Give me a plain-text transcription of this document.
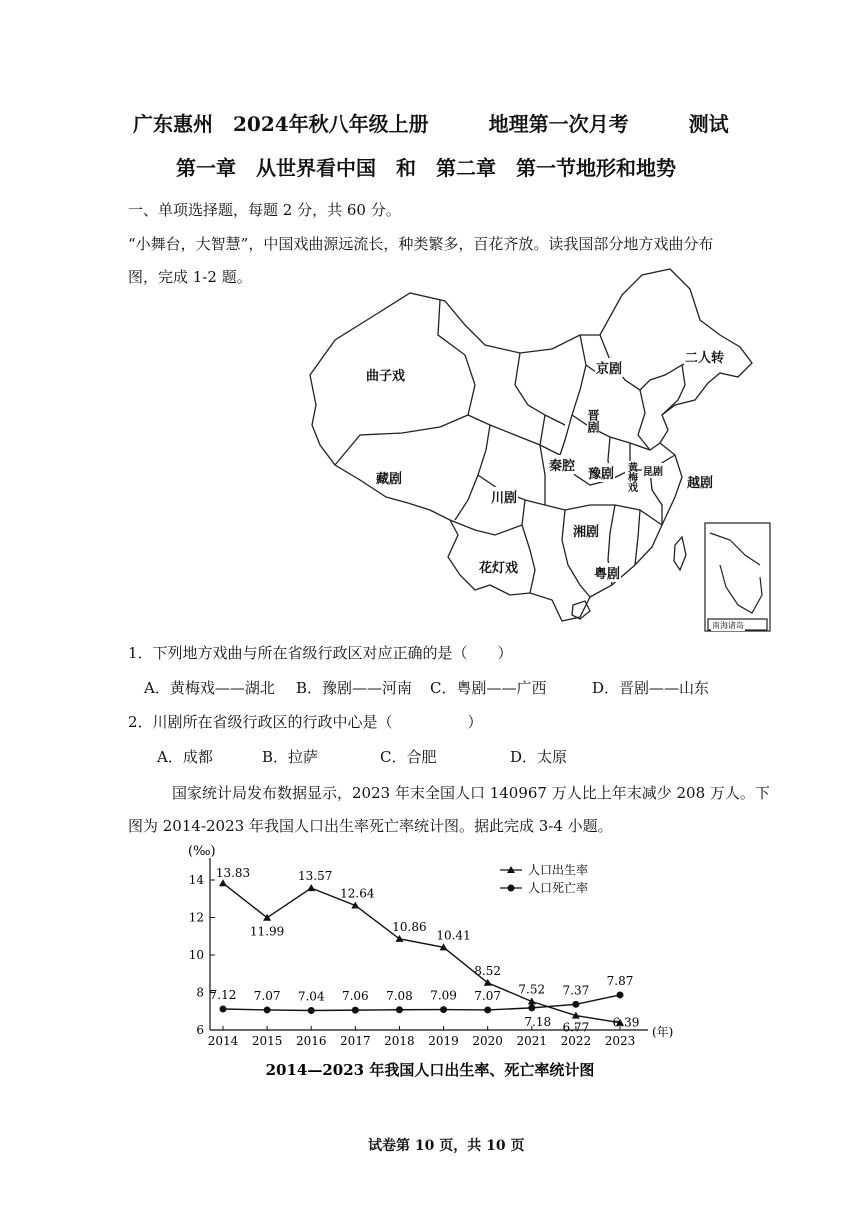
广东惠州　2024年秋八年级上册　　　地理第一次月考　　　测试
第一章　从世界看中国　和　第二章　第一节地形和地势
一、单项选择题，每题 2 分，共 60 分。
“小舞台，大智慧”，中国戏曲源远流长，种类繁多，百花齐放。读我国部分地方戏曲分布
图，完成 1-2 题。
曲子戏
二人转
京剧
晋剧
秦腔
豫剧 黄梅戏 昆剧
越剧
藏剧
川剧
湘剧
花灯戏	粤剧
南海诸岛
1．下列地方戏曲与所在省级行政区对应正确的是（　　）
A．黄梅戏——湖北 B．豫剧——河南 C．粤剧——广西	D．晋剧——山东
2．川剧所在省级行政区的行政中心是（　　　　　）
A．成都	B．拉萨	C．合肥	D．太原
国家统计局发布数据显示，2023 年末全国人口 140967 万人比上年末减少 208 万人。下
图为 2014-2023 年我国人口出生率死亡率统计图。据此完成 3-4 小题。
(‰)
(年)
6
8
10
12
14
2014 2015 2016 2017 2018 2019 2020 2021 2022 2023
13.83
11.99
13.57
12.64
10.86
10.41
8.52
7.52
6.77 6.39
7.12 7.07 7.04 7.06 7.08 7.09 7.07
7.18
7.37
7.87
人口出生率
人口死亡率
2014—2023 年我国人口出生率、死亡率统计图
试卷第 10 页，共 10 页
